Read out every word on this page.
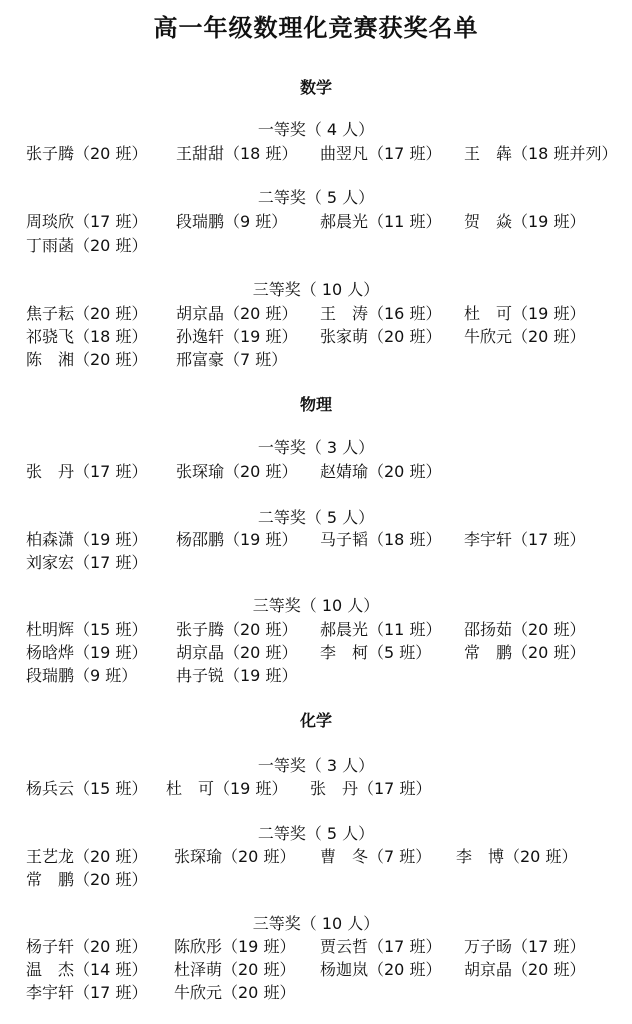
高一年级数理化竞赛获奖名单
数学
一等奖（ 4 人）
张子腾（20 班） 王甜甜（18 班） 曲翌凡（17 班） 王　犇（18 班并列）
二等奖（ 5 人）
周琰欣（17 班） 段瑞鹏（9 班） 郝晨光（11 班） 贺　焱（19 班）
丁雨菡（20 班）
三等奖（ 10 人）
焦子耘（20 班） 胡京晶（20 班） 王　涛（16 班） 杜　可（19 班）
祁骁飞（18 班） 孙逸轩（19 班） 张家萌（20 班） 牛欣元（20 班）
陈　湘（20 班） 邢富豪（7 班）
物理
一等奖（ 3 人）
张　丹（17 班） 张琛瑜（20 班） 赵婧瑜（20 班）
二等奖（ 5 人）
柏森潇（19 班） 杨邵鹏（19 班） 马子韬（18 班） 李宇轩（17 班）
刘家宏（17 班）
三等奖（ 10 人）
杜明辉（15 班） 张子腾（20 班） 郝晨光（11 班） 邵扬茹（20 班）
杨晗烨（19 班） 胡京晶（20 班） 李　柯（5 班） 常　鹏（20 班）
段瑞鹏（9 班） 冉子锐（19 班）
化学
一等奖（ 3 人）
杨兵云（15 班） 杜　可（19 班） 张　丹（17 班）
二等奖（ 5 人）
王艺龙（20 班） 张琛瑜（20 班） 曹　冬（7 班） 李　博（20 班）
常　鹏（20 班）
三等奖（ 10 人）
杨子轩（20 班） 陈欣彤（19 班） 贾云哲（17 班） 万子旸（17 班）
温　杰（14 班） 杜泽萌（20 班） 杨迦岚（20 班） 胡京晶（20 班）
李宇轩（17 班） 牛欣元（20 班）
